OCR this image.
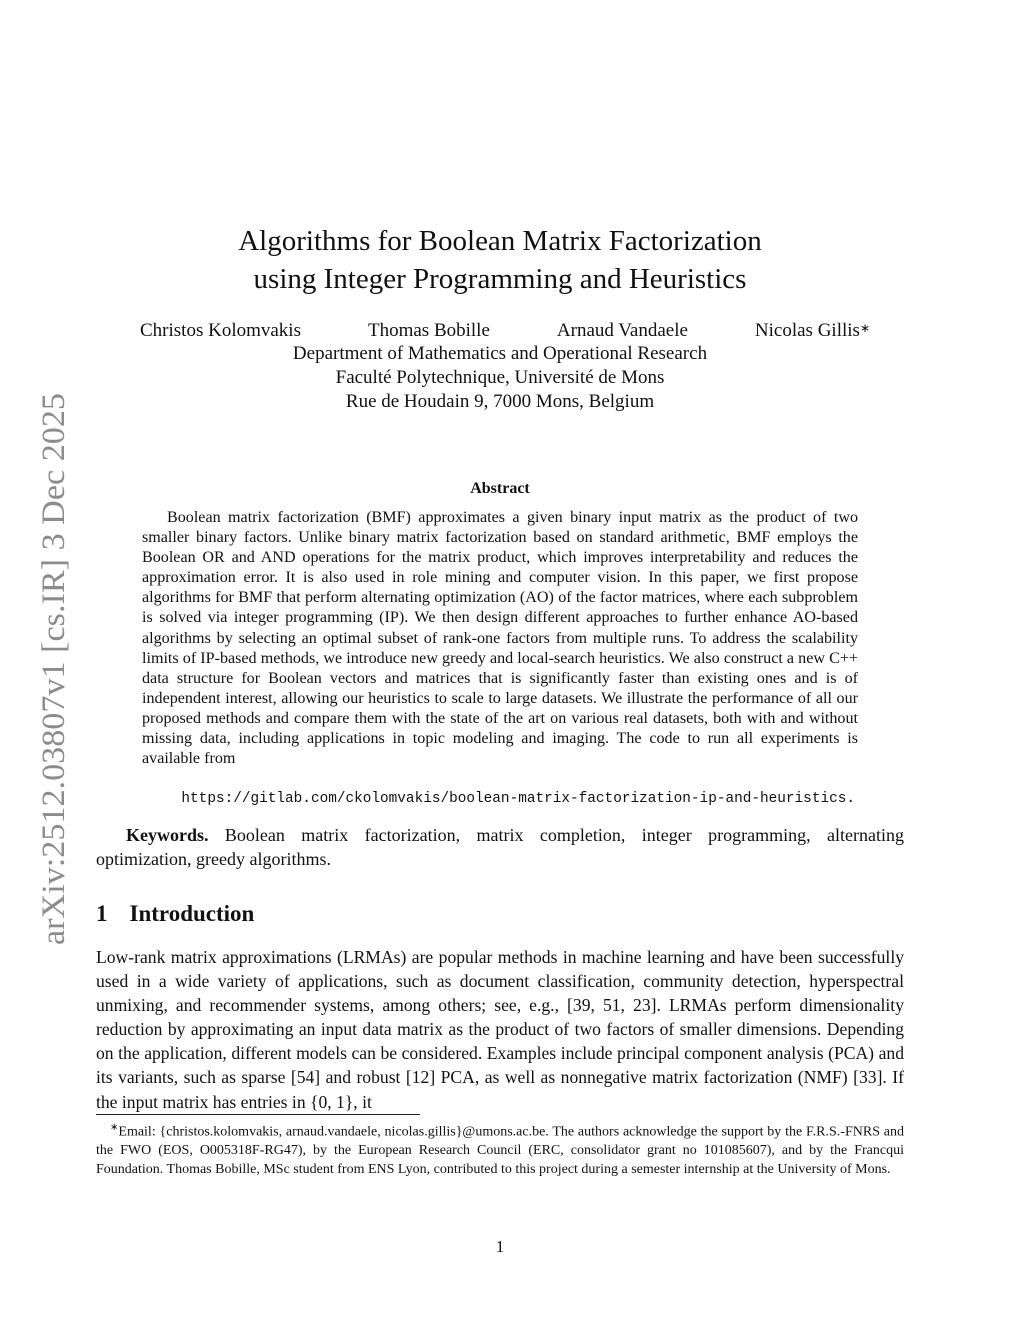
arXiv:2512.03807v1 [cs.IR] 3 Dec 2025
Algorithms for Boolean Matrix Factorization
using Integer Programming and Heuristics
Christos Kolomvakis	Thomas Bobille	Arnaud Vandaele	Nicolas Gillis∗
Department of Mathematics and Operational Research
Faculté Polytechnique, Université de Mons
Rue de Houdain 9, 7000 Mons, Belgium
Abstract

Boolean matrix factorization (BMF) approximates a given binary input matrix as the product of two smaller binary factors. Unlike binary matrix factorization based on standard arithmetic, BMF employs the Boolean OR and AND operations for the matrix product, which improves interpretability and reduces the approximation error. It is also used in role mining and computer vision. In this paper, we first propose algorithms for BMF that perform alternating optimization (AO) of the factor matrices, where each subproblem is solved via integer programming (IP). We then design different approaches to further enhance AO-based algorithms by selecting an optimal subset of rank-one factors from multiple runs. To address the scalability limits of IP-based methods, we introduce new greedy and local-search heuristics. We also construct a new C++ data structure for Boolean vectors and matrices that is significantly faster than existing ones and is of independent interest, allowing our heuristics to scale to large datasets. We illustrate the performance of all our proposed methods and compare them with the state of the art on various real datasets, both with and without missing data, including applications in topic modeling and imaging. The code to run all experiments is available from

https://gitlab.com/ckolomvakis/boolean-matrix-factorization-ip-and-heuristics.

Keywords. Boolean matrix factorization, matrix completion, integer programming, alternating optimization, greedy algorithms.

1 Introduction

Low-rank matrix approximations (LRMAs) are popular methods in machine learning and have been successfully used in a wide variety of applications, such as document classification, community detection, hyperspectral unmixing, and recommender systems, among others; see, e.g., [39, 51, 23]. LRMAs perform dimensionality reduction by approximating an input data matrix as the product of two factors of smaller dimensions. Depending on the application, different models can be considered. Examples include principal component analysis (PCA) and its variants, such as sparse [54] and robust [12] PCA, as well as nonnegative matrix factorization (NMF) [33]. If the input matrix has entries in {0, 1}, it

∗Email: {christos.kolomvakis, arnaud.vandaele, nicolas.gillis}@umons.ac.be. The authors acknowledge the support by the F.R.S.-FNRS and the FWO (EOS, O005318F-RG47), by the European Research Council (ERC, consolidator grant no 101085607), and by the Francqui Foundation. Thomas Bobille, MSc student from ENS Lyon, contributed to this project during a semester internship at the University of Mons.

1
